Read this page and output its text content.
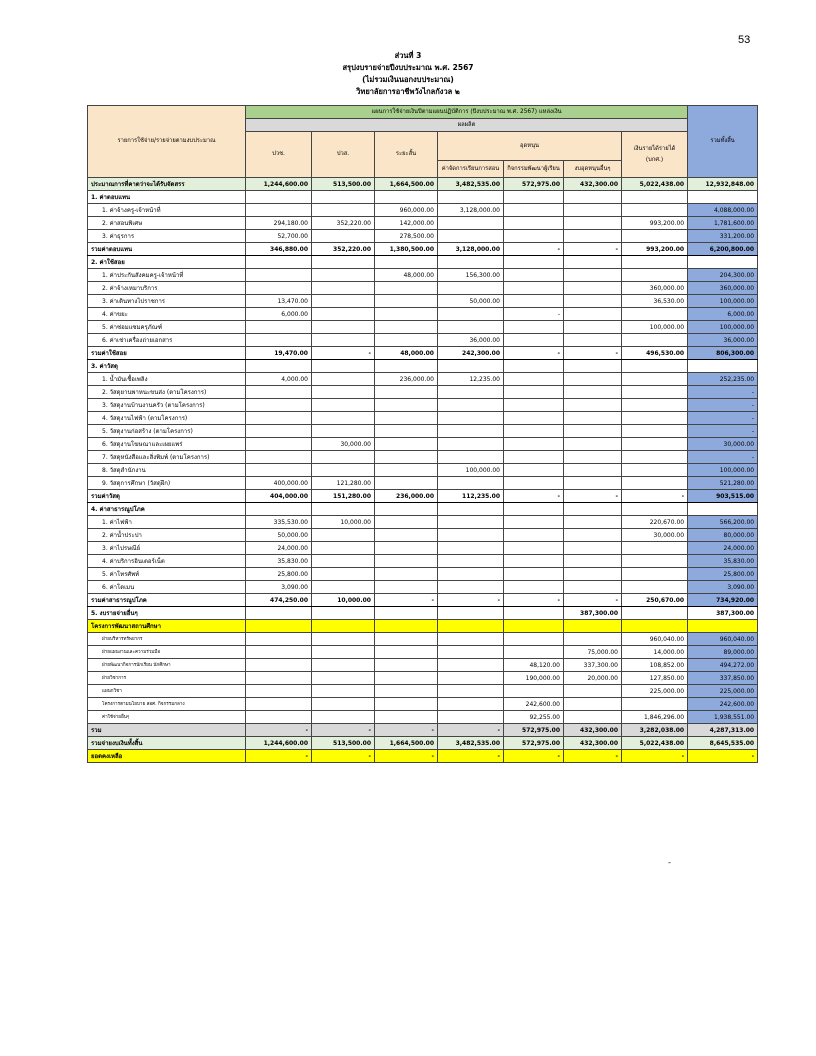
53
ส่วนที่ 3
สรุปงบรายจ่ายปีงบประมาณ พ.ศ. 2567
(ไม่รวมเงินนอกงบประมาณ)
วิทยาลัยการอาชีพวังไกลกังวล ๒
รายการใช้จ่าย/รายจ่ายตามงบประมาณ	แผนการใช้จ่ายเงินปีตามแผนปฏิบัติการ (ปีงบประมาณ พ.ศ. 2567) แหล่งเงิน							รวมทั้งสิ้น
	ผลผลิต							
	ปวช.	ปวส.	ระยะสั้น	อุดหนุน			เงินรายได้รายได้
(บกศ.)	

				ค่าจัดการเรียนการสอน	กิจกรรมพัฒนาผู้เรียน	งบอุดหนุนอื่นๆ		
ประมาณการที่คาดว่าจะได้รับจัดสรร	1,244,600.00	513,500.00	1,664,500.00	3,482,535.00	572,975.00	432,300.00	5,022,438.00	12,932,848.00
1. ค่าตอบแทน								
1. ค่าจ้างครู-เจ้าหน้าที่			960,000.00	3,128,000.00				4,088,000.00
2. ค่าสอนพิเศษ	294,180.00	352,220.00	142,000.00				993,200.00	1,781,600.00
3. ค่าธุรการ	52,700.00		278,500.00					331,200.00
รวมค่าตอบแทน	346,880.00	352,220.00	1,380,500.00	3,128,000.00	-	-	993,200.00	6,200,800.00
2. ค่าใช้สอย								
1. ค่าประกันสังคมครู-เจ้าหน้าที่			48,000.00	156,300.00				204,300.00
2. ค่าจ้างเหมาบริการ							360,000.00	360,000.00
3. ค่าเดินทางไปราชการ	13,470.00			50,000.00			36,530.00	100,000.00
4. ค่าขยะ	6,000.00				-			6,000.00
5. ค่าซ่อมแซมครุภัณฑ์							100,000.00	100,000.00
6. ค่าเช่าเครื่องถ่ายเอกสาร				36,000.00				36,000.00
รวมค่าใช้สอย	19,470.00	-	48,000.00	242,300.00	-	-	496,530.00	806,300.00
3. ค่าวัสดุ								
1. น้ำมันเชื้อเพลิง	4,000.00		236,000.00	12,235.00				252,235.00
2. วัสดุยานพาหนะขนส่ง (ตามโครงการ)								-
3. วัสดุงานบ้านงานครัว (ตามโครงการ)								-
4. วัสดุงานไฟฟ้า (ตามโครงการ)								-
5. วัสดุงานก่อสร้าง (ตามโครงการ)								-
6. วัสดุงานโฆษณาและเผยแพร่		30,000.00						30,000.00
7. วัสดุหนังสือและสิ่งพิมพ์ (ตามโครงการ)								-
8. วัสดุสำนักงาน				100,000.00				100,000.00
9. วัสดุการศึกษา (วัสดุฝึก)	400,000.00	121,280.00						521,280.00
รวมค่าวัสดุ	404,000.00	151,280.00	236,000.00	112,235.00	-	-	-	903,515.00
4. ค่าสาธารณูปโภค								
1. ค่าไฟฟ้า	335,530.00	10,000.00					220,670.00	566,200.00
2. ค่าน้ำประปา	50,000.00						30,000.00	80,000.00
3. ค่าไปรษณีย์	24,000.00							24,000.00
4. ค่าบริการอินเตอร์เน็ต	35,830.00							35,830.00
5. ค่าโทรศัพท์	25,800.00							25,800.00
6. ค่าโดเมน	3,090.00							3,090.00
รวมค่าสาธารณูปโภค	474,250.00	10,000.00	-	-	-	-	250,670.00	734,920.00
5. งบรายจ่ายอื่นๆ						387,300.00		387,300.00
โครงการพัฒนาสถานศึกษา								
ฝ่ายบริหารทรัพยากร							960,040.00	960,040.00
ฝ่ายแผนงานและความร่วมมือ						75,000.00	14,000.00	89,000.00
ฝ่ายพัฒนากิจการนักเรียน นักศึกษา					48,120.00	337,300.00	108,852.00	494,272.00
ฝ่ายวิชาการ					190,000.00	20,000.00	127,850.00	337,850.00
แผนกวิชา							225,000.00	225,000.00
โครงการตามนโยบาย สอศ. กิจกรรมกลาง					242,600.00			242,600.00
ค่าใช้จ่ายอื่นๆ					92,255.00		1,846,296.00	1,938,551.00
รวม	-	-	-	-	572,975.00	432,300.00	3,282,038.00	4,287,313.00
รวมจ่ายงบเงินทั้งสิ้น	1,244,600.00	513,500.00	1,664,500.00	3,482,535.00	572,975.00	432,300.00	5,022,438.00	8,645,535.00
ยอดคงเหลือ	-	-	-	-	-	-	-	-
-
